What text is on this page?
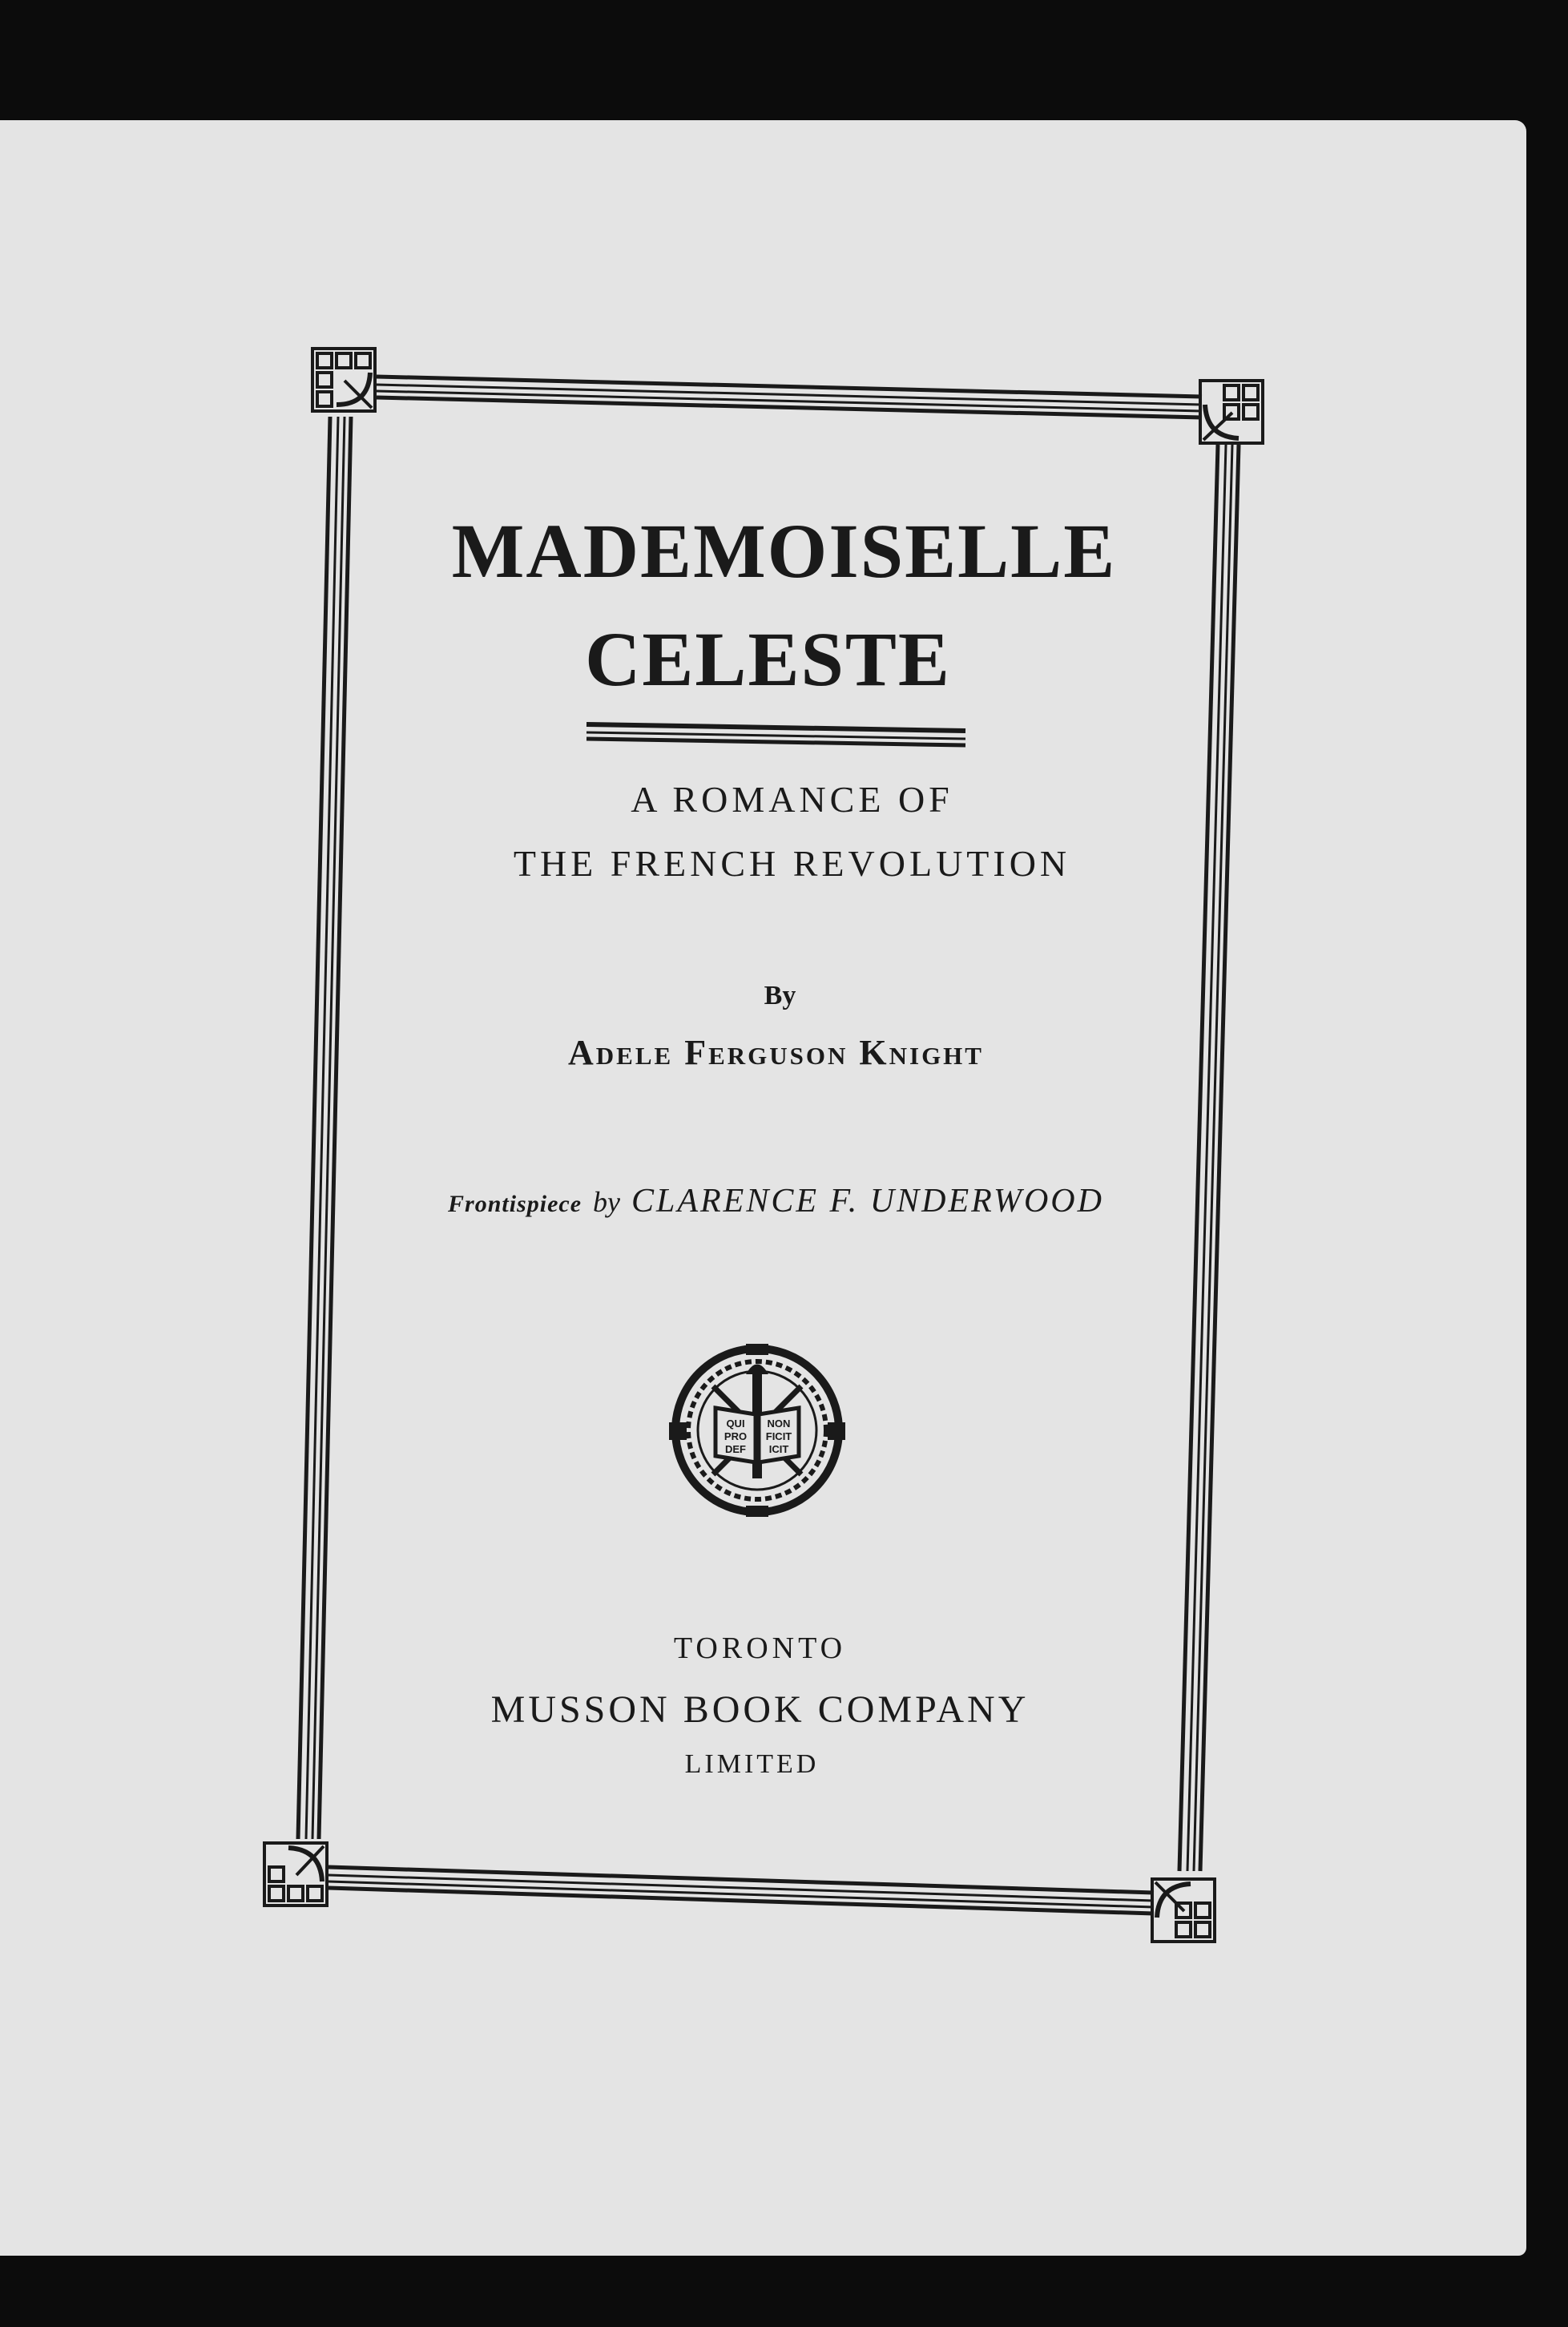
MADEMOISELLE
CELESTE
A ROMANCE OF
THE FRENCH REVOLUTION
By
Adele Ferguson Knight
Frontispiece by CLARENCE F. UNDERWOOD
QUI NON
PRO FICIT
DEF ICIT
TORONTO
MUSSON BOOK COMPANY
LIMITED
